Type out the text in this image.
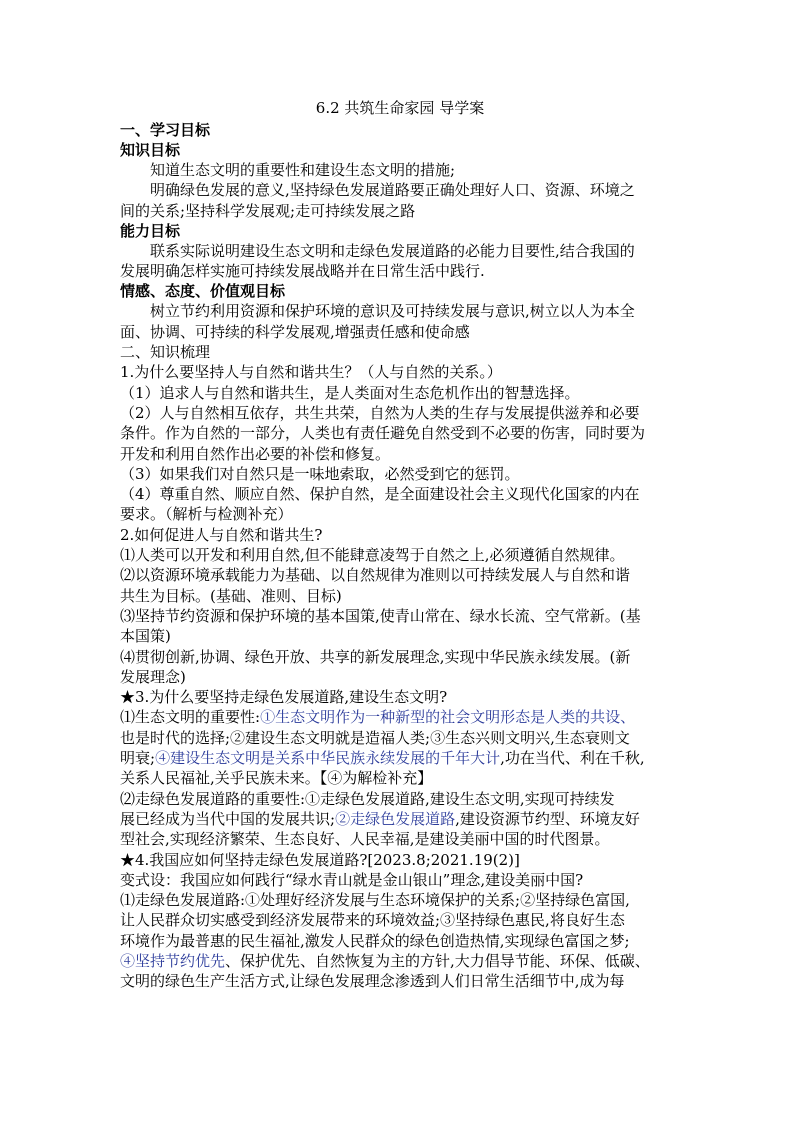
6.2 共筑生命家园 导学案
一、学习目标
知识目标
知道生态文明的重要性和建设生态文明的措施;
明确绿色发展的意义,坚持绿色发展道路要正确处理好人口、资源、环境之
间的关系;坚持科学发展观;走可持续发展之路
能力目标
联系实际说明建设生态文明和走绿色发展道路的必能力目要性,结合我国的
发展明确怎样实施可持续发展战略并在日常生活中践行.
情感、态度、价值观目标
树立节约利用资源和保护环境的意识及可持续发展与意识,树立以人为本全
面、协调、可持续的科学发展观,增强责任感和使命感
二、知识梳理
1.为什么要坚持人与自然和谐共生？（人与自然的关系。）
（1）追求人与自然和谐共生，是人类面对生态危机作出的智慧选择。
（2）人与自然相互依存，共生共荣，自然为人类的生存与发展提供滋养和必要
条件。作为自然的一部分，人类也有责任避免自然受到不必要的伤害，同时要为
开发和利用自然作出必要的补偿和修复。
（3）如果我们对自然只是一味地索取，必然受到它的惩罚。
（4）尊重自然、顺应自然、保护自然，是全面建设社会主义现代化国家的内在
要求。（解析与检测补充）
2.如何促进人与自然和谐共生?
⑴人类可以开发和利用自然,但不能肆意凌驾于自然之上,必须遵循自然规律。
⑵以资源环境承载能力为基础、以自然规律为准则以可持续发展人与自然和谐
共生为目标。(基础、准则、目标)
⑶坚持节约资源和保护环境的基本国策,使青山常在、绿水长流、空气常新。(基
本国策)
⑷贯彻创新,协调、绿色开放、共享的新发展理念,实现中华民族永续发展。(新
发展理念)
★3.为什么要坚持走绿色发展道路,建设生态文明?
⑴生态文明的重要性:①生态文明作为一种新型的社会文明形态是人类的共设、
也是时代的选择;②建设生态文明就是造福人类;③生态兴则文明兴,生态衰则文
明衰;④建设生态文明是关系中华民族永续发展的千年大计,功在当代、利在千秋,
关系人民福祉,关乎民族未来。【④为解检补充】
⑵走绿色发展道路的重要性:①走绿色发展道路,建设生态文明,实现可持续发
展已经成为当代中国的发展共识;②走绿色发展道路,建设资源节约型、环境友好
型社会,实现经济繁荣、生态良好、人民幸福,是建设美丽中国的时代图景。
★4.我国应如何坚持走绿色发展道路?[2023.8;2021.19(2)]
变式设：我国应如何践行“绿水青山就是金山银山”理念,建设美丽中国?
⑴走绿色发展道路:①处理好经济发展与生态环境保护的关系;②坚持绿色富国,
让人民群众切实感受到经济发展带来的环境效益;③坚持绿色惠民,将良好生态
环境作为最普惠的民生福祉,激发人民群众的绿色创造热情,实现绿色富国之梦;
④坚持节约优先、保护优先、自然恢复为主的方针,大力倡导节能、环保、低碳、
文明的绿色生产生活方式,让绿色发展理念渗透到人们日常生活细节中,成为每
